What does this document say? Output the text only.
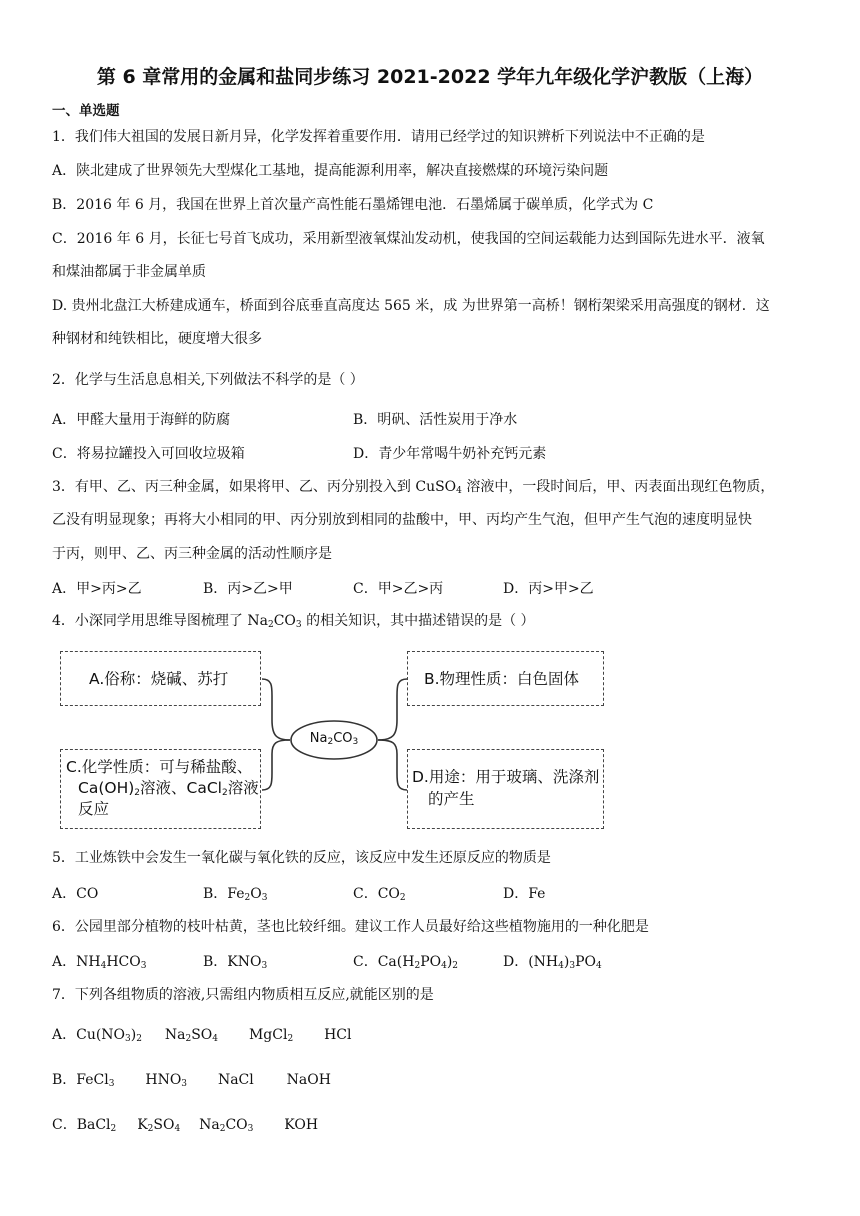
第 6 章常用的金属和盐同步练习 2021-2022 学年九年级化学沪教版（上海）
一、单选题
1．我们伟大祖国的发展日新月异，化学发挥着重要作用．请用已经学过的知识辨析下列说法中不正确的是
A．陕北建成了世界领先大型煤化工基地，提高能源利用率，解决直接燃煤的环境污染问题
B．2016 年 6 月，我国在世界上首次量产高性能石墨烯锂电池．石墨烯属于碳单质，化学式为 C
C．2016 年 6 月，长征七号首飞成功，采用新型液氧煤汕发动机，使我国的空间运载能力达到国际先进水平．液氧
和煤油都属于非金属单质
D. 贵州北盘江大桥建成通车，桥面到谷底垂直高度达 565 米，成 为世界第一高桥！钢桁架梁采用高强度的钢材．这
种钢材和纯铁相比，硬度增大很多
2．化学与生活息息相关,下列做法不科学的是（ ）
A．甲醛大量用于海鲜的防腐	B．明矾、活性炭用于净水
C．将易拉罐投入可回收垃圾箱	D．青少年常喝牛奶补充钙元素
3．有甲、乙、丙三种金属，如果将甲、乙、丙分别投入到 CuSO$_4$ 溶液中，一段时间后，甲、丙表面出现红色物质，
乙没有明显现象；再将大小相同的甲、丙分别放到相同的盐酸中，甲、丙均产生气泡，但甲产生气泡的速度明显快
于丙，则甲、乙、丙三种金属的活动性顺序是
A．甲>丙>乙	B．丙>乙>甲	C．甲>乙>丙	D．丙>甲>乙
4．小深同学用思维导图梳理了 $Na_2CO_3$ 的相关知识，其中描述错误的是（ ）
$Na_2CO_3$
A.俗称：烧碱、苏打	B.物理性质：白色固体
C.化学性质：可与稀盐酸、
$Ca(OH)_2$溶液、CaCl$_2$溶液
反应
D.用途：用于玻璃、洗涤剂
的产生
5．工业炼铁中会发生一氧化碳与氧化铁的反应，该反应中发生还原反应的物质是
A．CO	B．$Fe_2O_3$	C．$CO_2$	D．Fe
6．公园里部分植物的枝叶枯黄，茎也比较纤细。建议工作人员最好给这些植物施用的一种化肥是
A．$NH_4HCO_3$	B．$KNO_3$	C．$Ca(H_2PO_4)_2$	D．$(NH_4)_3PO_4$
7．下列各组物质的溶液,只需组内物质相互反应,就能区别的是
A．$Cu(NO_3)_2$ $Na_2SO_4$ MgCl$_2$ HCl
B．FeCl$_3$ $HNO_3$ NaCl NaOH
C．BaCl$_2$ $K_2SO_4$ $Na_2CO_3$ KOH
